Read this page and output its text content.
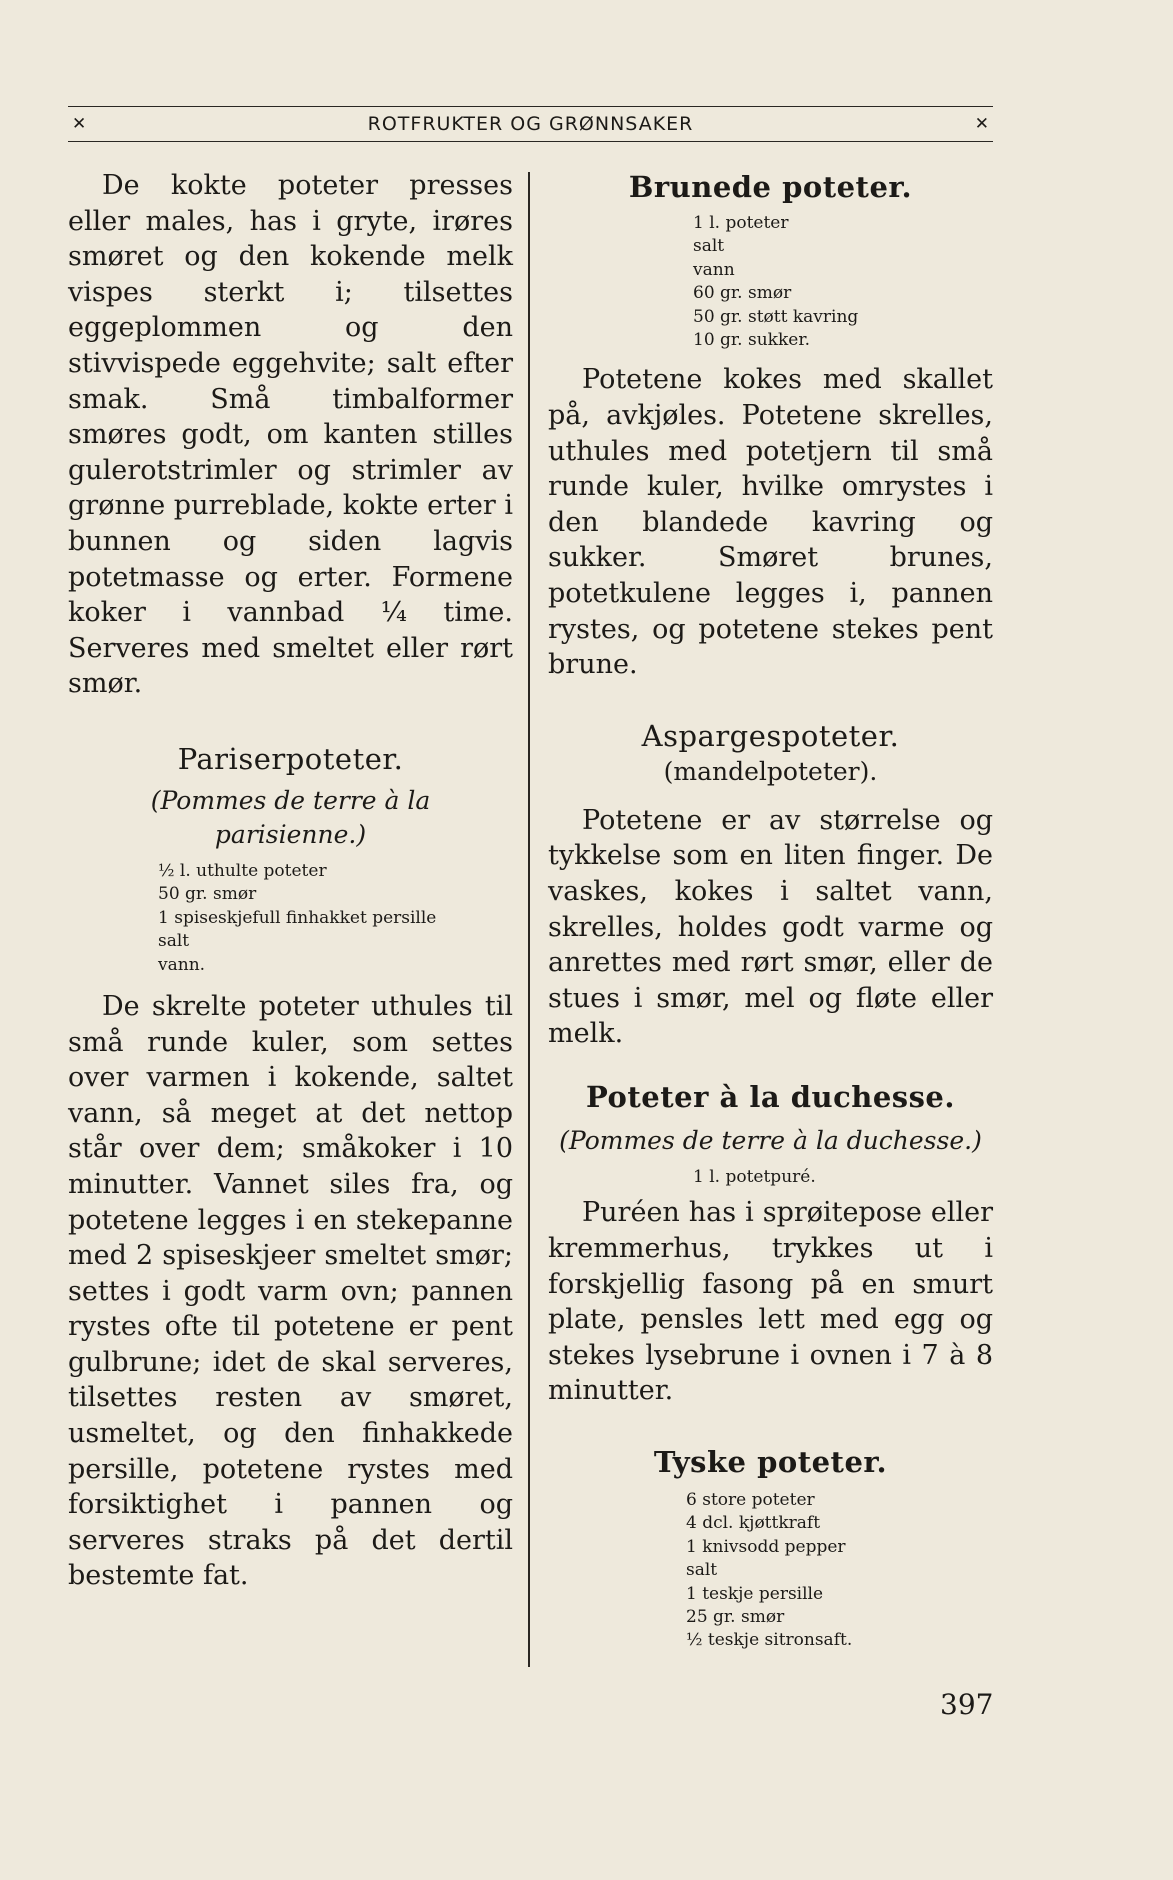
✕	ROTFRUKTER OG GRØNNSAKER	✕

De kokte poteter presses eller males, has i gryte, irøres smøret og den kokende melk vispes sterkt i; tilsettes eggeplommen og den stivvispede eggehvite; salt efter smak. Små timbalformer smøres godt, om kanten stilles gulerotstrimler og strimler av grønne purreblade, kokte erter i bunnen og siden lagvis potetmasse og erter. Formene koker i vannbad ¼ time. Serveres med smeltet eller rørt smør.

Pariserpoteter.

(Pommes de terre à la parisienne.)

½ l. uthulte poteter
50 gr. smør
1 spiseskjefull finhakket persille
salt
vann.

De skrelte poteter uthules til små runde kuler, som settes over varmen i kokende, saltet vann, så meget at det nettop står over dem; småkoker i 10 minutter. Vannet siles fra, og potetene legges i en stekepanne med 2 spiseskjeer smeltet smør; settes i godt varm ovn; pannen rystes ofte til potetene er pent gulbrune; idet de skal serveres, tilsettes resten av smøret, usmeltet, og den finhakkede persille, potetene rystes med forsiktighet i pannen og serveres straks på det dertil bestemte fat.

Brunede poteter.
1 l. poteter
salt
vann
60 gr. smør
50 gr. støtt kavring
10 gr. sukker.

Potetene kokes med skallet på, avkjøles. Potetene skrelles, uthules med potetjern til små runde kuler, hvilke omrystes i den blandede kavring og sukker. Smøret brunes, potetkulene legges i, pannen rystes, og potetene stekes pent brune.

Aspargespoteter.

(mandelpoteter).

Potetene er av størrelse og tykkelse som en liten finger. De vaskes, kokes i saltet vann, skrelles, holdes godt varme og anrettes med rørt smør, eller de stues i smør, mel og fløte eller melk.

Poteter à la duchesse.

(Pommes de terre à la duchesse.)

1 l. potetpuré.

Puréen has i sprøitepose eller kremmerhus, trykkes ut i forskjellig fasong på en smurt plate, pensles lett med egg og stekes lysebrune i ovnen i 7 à 8 minutter.

Tyske poteter.
6 store poteter
4 dcl. kjøttkraft
1 knivsodd pepper
salt
1 teskje persille
25 gr. smør
½ teskje sitronsaft.
397
